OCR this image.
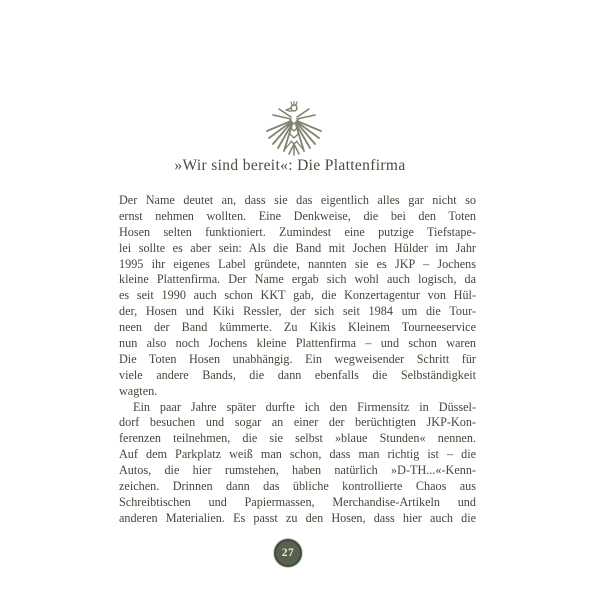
»Wir sind bereit«: Die Plattenfirma
Der Name deutet an, dass sie das eigentlich alles gar nicht so
ernst nehmen wollten. Eine Denkweise, die bei den Toten
Hosen selten funktioniert. Zumindest eine putzige Tiefstape-
lei sollte es aber sein: Als die Band mit Jochen Hülder im Jahr
1995 ihr eigenes Label gründete, nannten sie es JKP – Jochens
kleine Plattenfirma. Der Name ergab sich wohl auch logisch, da
es seit 1990 auch schon KKT gab, die Konzertagentur von Hül-
der, Hosen und Kiki Ressler, der sich seit 1984 um die Tour-
neen der Band kümmerte. Zu Kikis Kleinem Tourneeservice
nun also noch Jochens kleine Plattenfirma – und schon waren
Die Toten Hosen unabhängig. Ein wegweisender Schritt für
viele andere Bands, die dann ebenfalls die Selbständigkeit
wagten.
Ein paar Jahre später durfte ich den Firmensitz in Düssel-
dorf besuchen und sogar an einer der berüchtigten JKP-Kon-
ferenzen teilnehmen, die sie selbst »blaue Stunden« nennen.
Auf dem Parkplatz weiß man schon, dass man richtig ist – die
Autos, die hier rumstehen, haben natürlich »D-TH...«-Kenn-
zeichen. Drinnen dann das übliche kontrollierte Chaos aus
Schreibtischen und Papiermassen, Merchandise-Artikeln und
anderen Materialien. Es passt zu den Hosen, dass hier auch die
27
